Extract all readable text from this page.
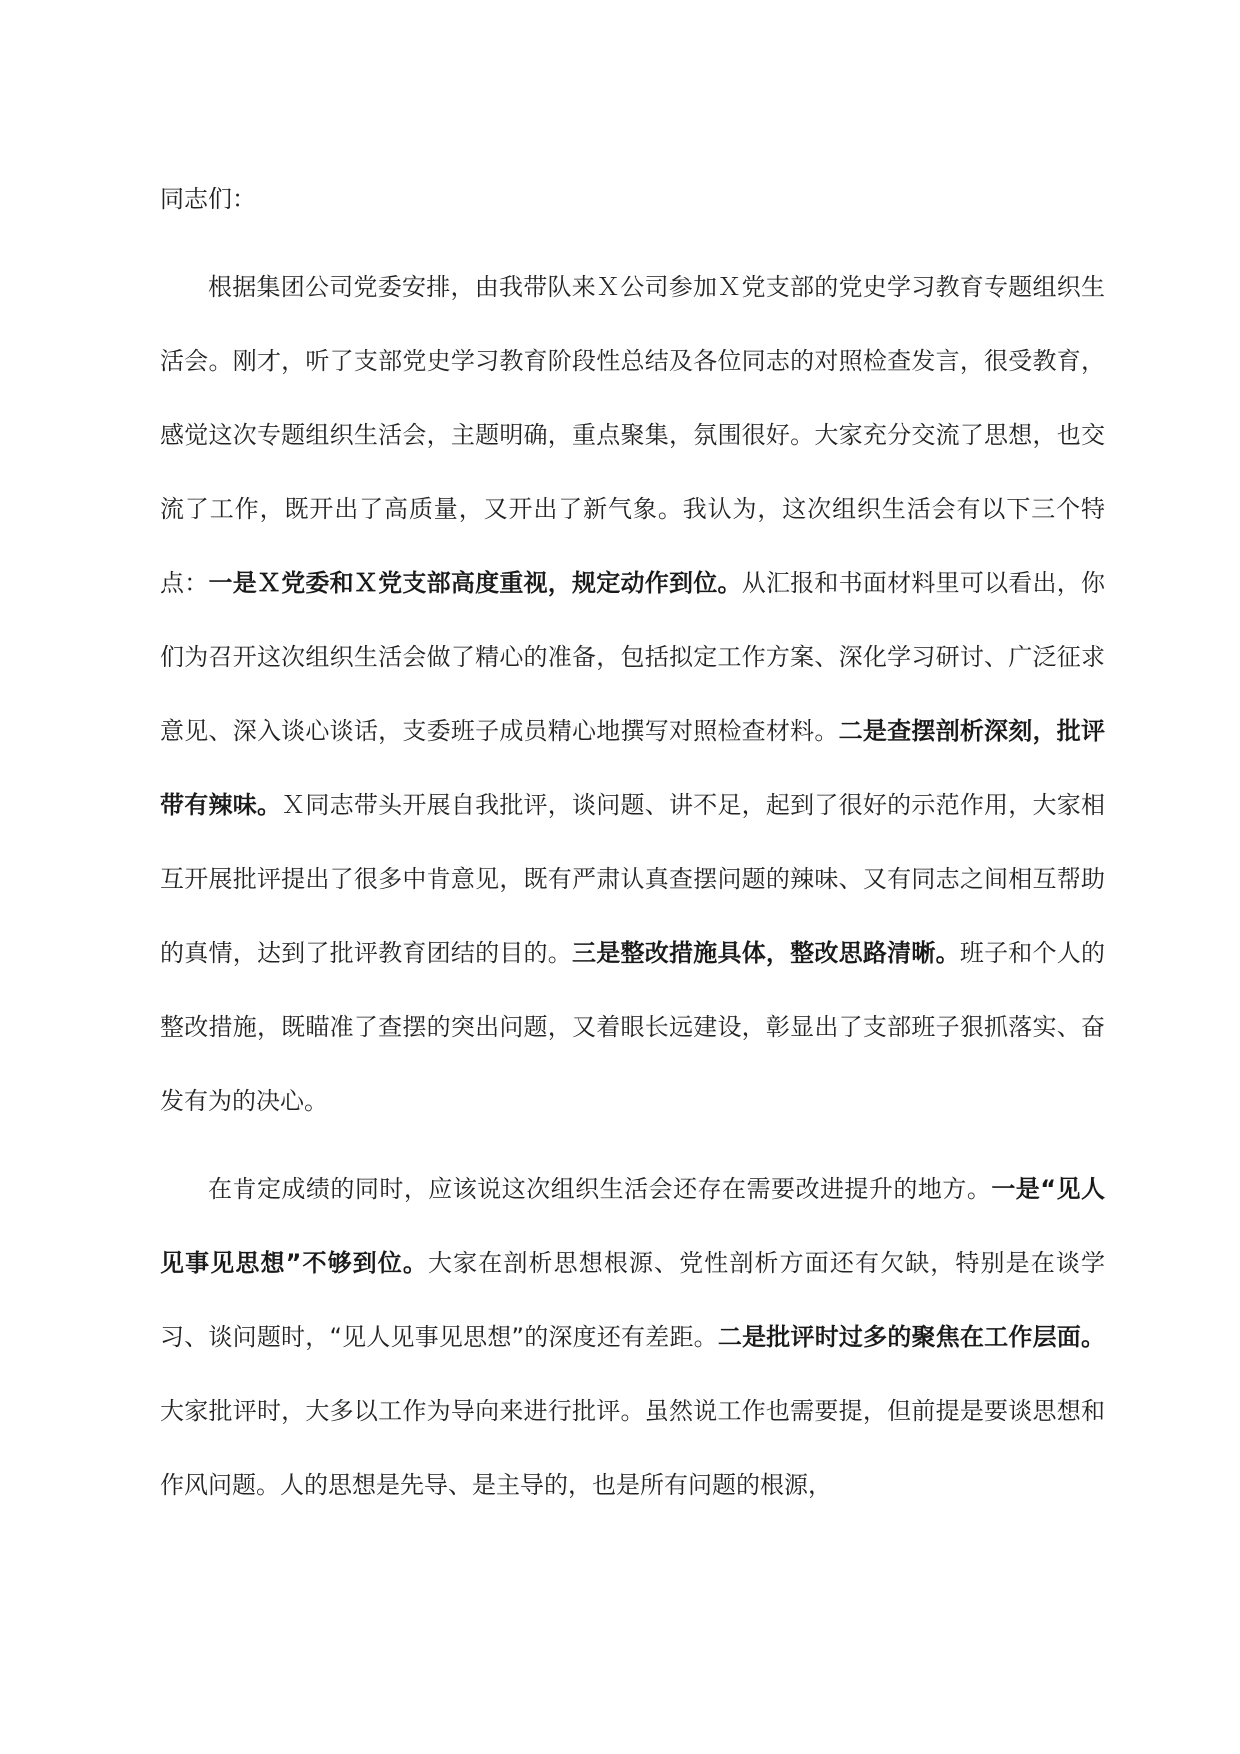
同志们：

根据集团公司党委安排，由我带队来Ｘ公司参加Ｘ党支部的党史学习教育专题组织生活会。刚才，听了支部党史学习教育阶段性总结及各位同志的对照检查发言，很受教育，感觉这次专题组织生活会，主题明确，重点聚集，氛围很好。大家充分交流了思想，也交流了工作，既开出了高质量，又开出了新气象。我认为，这次组织生活会有以下三个特点：一是Ｘ党委和Ｘ党支部高度重视，规定动作到位。从汇报和书面材料里可以看出，你们为召开这次组织生活会做了精心的准备，包括拟定工作方案、深化学习研讨、广泛征求意见、深入谈心谈话，支委班子成员精心地撰写对照检查材料。二是查摆剖析深刻，批评带有辣味。Ｘ同志带头开展自我批评，谈问题、讲不足，起到了很好的示范作用，大家相互开展批评提出了很多中肯意见，既有严肃认真查摆问题的辣味、又有同志之间相互帮助的真情，达到了批评教育团结的目的。三是整改措施具体，整改思路清晰。班子和个人的整改措施，既瞄准了查摆的突出问题，又着眼长远建设，彰显出了支部班子狠抓落实、奋发有为的决心。

在肯定成绩的同时，应该说这次组织生活会还存在需要改进提升的地方。一是“见人见事见思想”不够到位。大家在剖析思想根源、党性剖析方面还有欠缺，特别是在谈学习、谈问题时，“见人见事见思想”的深度还有差距。二是批评时过多的聚焦在工作层面。大家批评时，大多以工作为导向来进行批评。虽然说工作也需要提，但前提是要谈思想和作风问题。人的思想是先导、是主导的，也是所有问题的根源，
